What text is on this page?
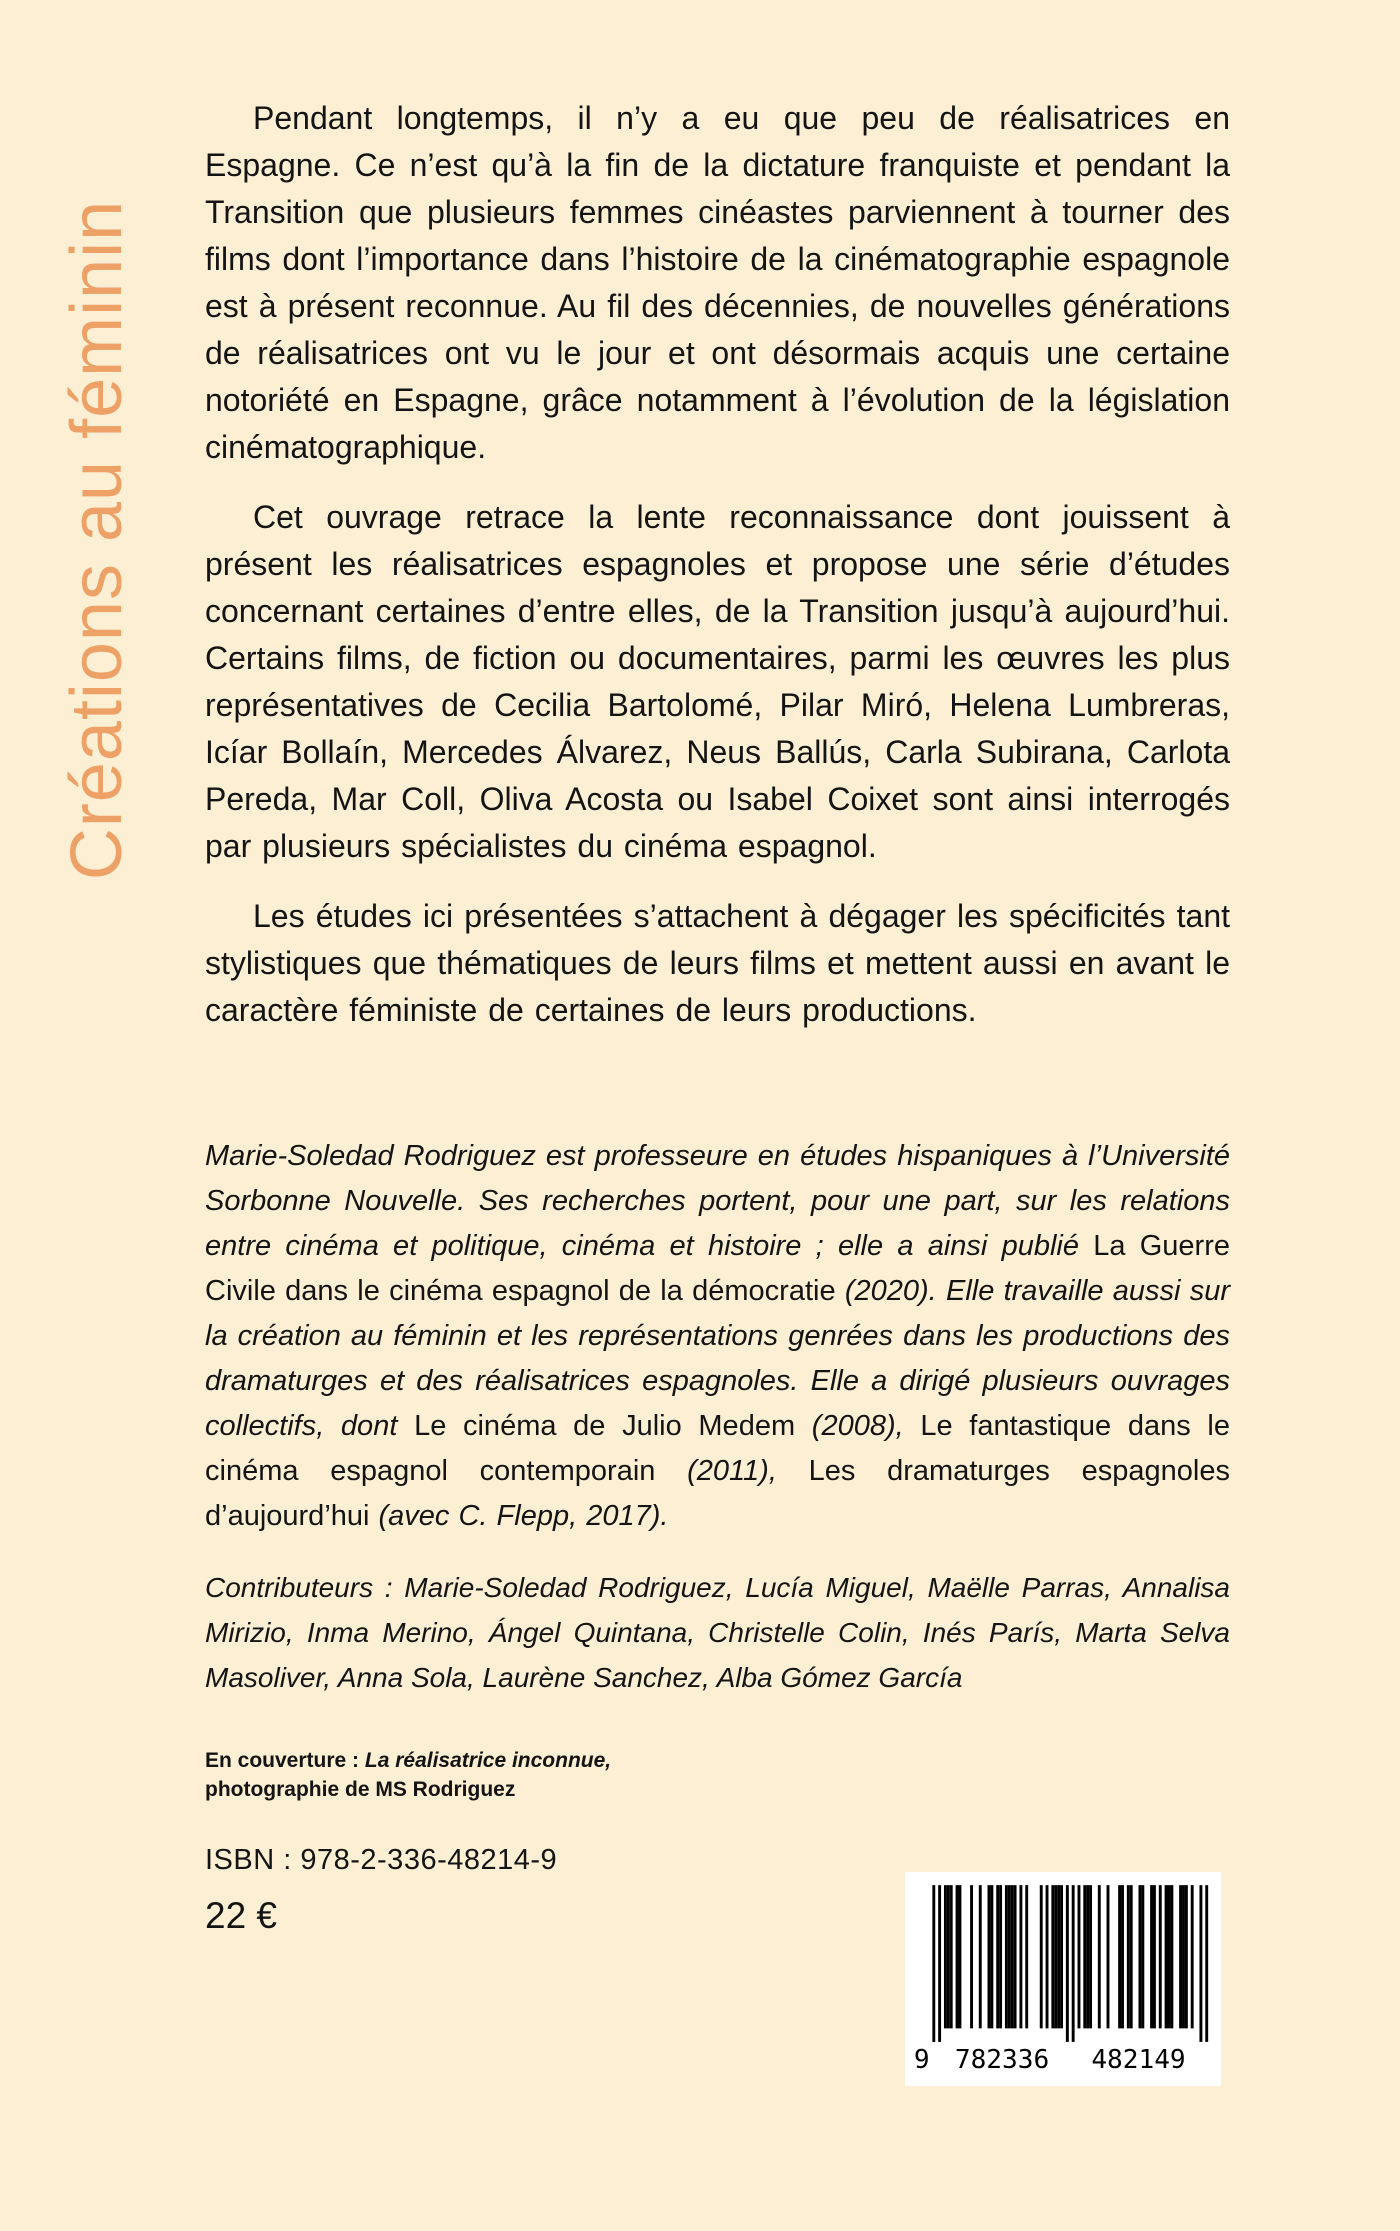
Créations au féminin

Pendant longtemps, il n’y a eu que peu de réalisatrices en Espagne. Ce n’est qu’à la fin de la dictature franquiste et pendant la Transition que plusieurs femmes cinéastes parviennent à tourner des films dont l’importance dans l’histoire de la cinématographie espagnole est à présent reconnue. Au fil des décennies, de nouvelles générations de réalisatrices ont vu le jour et ont désormais acquis une certaine notoriété en Espagne, grâce notamment à l’évolution de la législation cinématographique.

Cet ouvrage retrace la lente reconnaissance dont jouissent à présent les réalisatrices espagnoles et propose une série d’études concernant certaines d’entre elles, de la Transition jusqu’à aujourd’hui. Certains films, de fiction ou documentaires, parmi les œuvres les plus représentatives de Cecilia Bartolomé, Pilar Miró, Helena Lumbreras, Icíar Bollaín, Mercedes Álvarez, Neus Ballús, Carla Subirana, Carlota Pereda, Mar Coll, Oliva Acosta ou Isabel Coixet sont ainsi interrogés par plusieurs spécialistes du cinéma espagnol.

Les études ici présentées s’attachent à dégager les spécificités tant stylistiques que thématiques de leurs films et mettent aussi en avant le caractère féministe de certaines de leurs productions.

Marie-Soledad Rodriguez est professeure en études hispaniques à l’Université Sorbonne Nouvelle. Ses recherches portent, pour une part, sur les relations entre cinéma et politique, cinéma et histoire ; elle a ainsi publié La Guerre Civile dans le cinéma espagnol de la démocratie (2020). Elle travaille aussi sur la création au féminin et les représentations genrées dans les productions des dramaturges et des réalisatrices espagnoles. Elle a dirigé plusieurs ouvrages collectifs, dont Le cinéma de Julio Medem (2008), Le fantastique dans le cinéma espagnol contemporain (2011), Les dramaturges espagnoles d’aujourd’hui (avec C. Flepp, 2017).

Contributeurs : Marie-Soledad Rodriguez, Lucía Miguel, Maëlle Parras, Annalisa Mirizio, Inma Merino, Ángel Quintana, Christelle Colin, Inés París, Marta Selva Masoliver, Anna Sola, Laurène Sanchez, Alba Gómez García

En couverture : La réalisatrice inconnue, photographie de MS Rodriguez

ISBN : 978-2-336-48214-9
22 €
9 782336 482149
